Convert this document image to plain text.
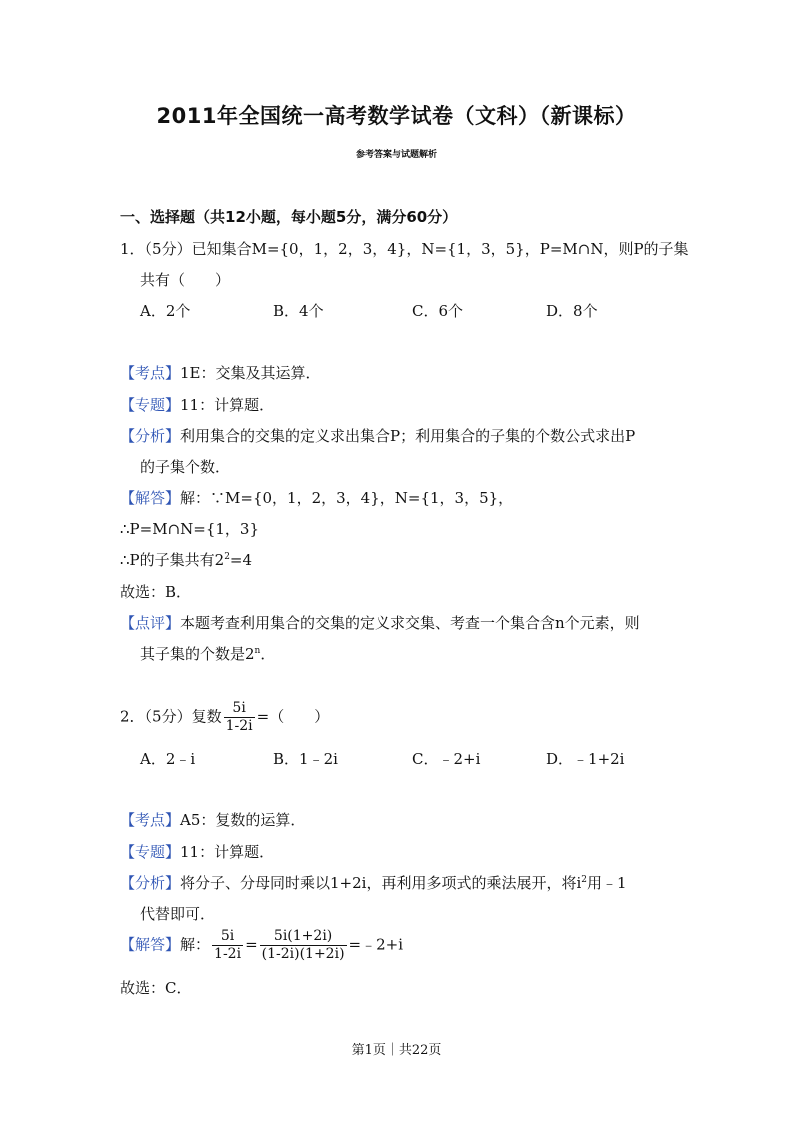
2011年全国统一高考数学试卷（文科）（新课标）
参考答案与试题解析
一、选择题（共12小题，每小题5分，满分60分）
1．（5分）已知集合M={0，1，2，3，4}，N={1，3，5}，P=M∩N，则P的子集
共有（　　）
A．2个	B．4个	C．6个	D．8个
【考点】1E：交集及其运算．
【专题】11：计算题．
【分析】利用集合的交集的定义求出集合P；利用集合的子集的个数公式求出P
的子集个数．
【解答】解：∵M={0，1，2，3，4}，N={1，3，5}，
∴P=M∩N={1，3}
∴P的子集共有$2^2=4$
故选：B．
【点评】本题考查利用集合的交集的定义求交集、考查一个集合含n个元素，则
其子集的个数是2$^n$．
2．（5分）复数 $\frac{5i}{1-2i}$ =（　　）
A．2﹣i	B．1﹣2i	C．﹣2+i	D．﹣1+2i
【考点】A5：复数的运算．
【专题】11：计算题．
【分析】将分子、分母同时乘以1+2i，再利用多项式的乘法展开，将$i^2$用﹣1
代替即可．
【解答】解： $\frac{5i}{1-2i} = \frac{5i(1+2i)}{(1-2i)(1+2i)}$ =﹣2+i
故选：C．
第1页｜共22页
